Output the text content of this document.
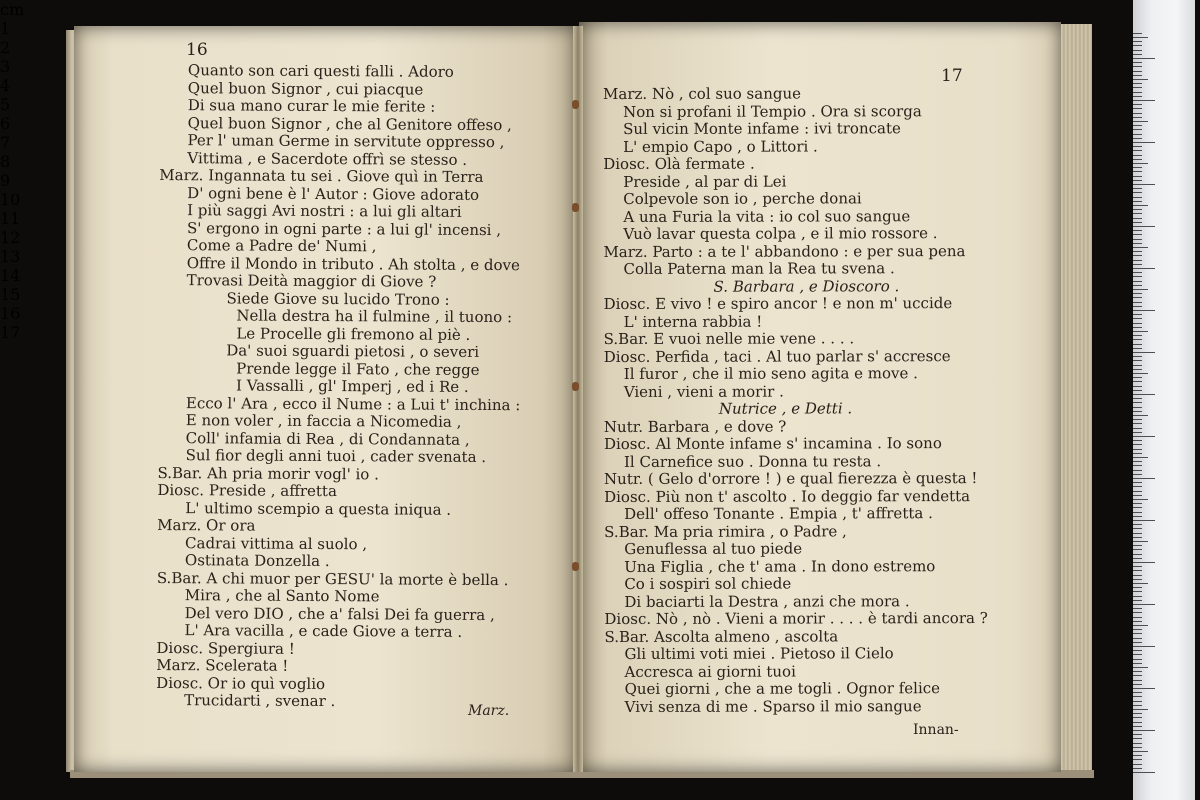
16
Quanto son cari questi falli . Adoro
Quel buon Signor , cui piacque
Di sua mano curar le mie ferite :
Quel buon Signor , che al Genitore offeso ,
Per l' uman Germe in servitute oppresso ,
Vittima , e Sacerdote offrì se stesso .
Marz. Ingannata tu sei . Giove quì in Terra
D' ogni bene è l' Autor : Giove adorato
I più saggi Avi nostri : a lui gli altari
S' ergono in ogni parte : a lui gl' incensi ,
Come a Padre de' Numi ,
Offre il Mondo in tributo . Ah stolta , e dove
Trovasi Deità maggior di Giove ?
Siede Giove su lucido Trono :
Nella destra ha il fulmine , il tuono :
Le Procelle gli fremono al piè .
Da' suoi sguardi pietosi , o severi
Prende legge il Fato , che regge
I Vassalli , gl' Imperj , ed i Re .
Ecco l' Ara , ecco il Nume : a Lui t' inchina :
E non voler , in faccia a Nicomedia ,
Coll' infamia di Rea , di Condannata ,
Sul fior degli anni tuoi , cader svenata .
S.Bar. Ah pria morir vogl' io .
Diosc. Preside , affretta
L' ultimo scempio a questa iniqua .
Marz. Or ora
Cadrai vittima al suolo ,
Ostinata Donzella .
S.Bar. A chi muor per GESU' la morte è bella .
Mira , che al Santo Nome
Del vero DIO , che a' falsi Dei fa guerra ,
L' Ara vacilla , e cade Giove a terra .
Diosc. Spergiura !
Marz. Scelerata !
Diosc. Or io quì voglio
Trucidarti , svenar .
Marz.
17
Marz. Nò , col suo sangue
Non si profani il Tempio . Ora si scorga
Sul vicin Monte infame : ivi troncate
L' empio Capo , o Littori .
Diosc. Olà fermate .
Preside , al par di Lei
Colpevole son io , perche donai
A una Furia la vita : io col suo sangue
Vuò lavar questa colpa , e il mio rossore .
Marz. Parto : a te l' abbandono : e per sua pena
Colla Paterna man la Rea tu svena .
S. Barbara , e Dioscoro .
Diosc. E vivo ! e spiro ancor ! e non m' uccide
L' interna rabbia !
S.Bar. E vuoi nelle mie vene . . . .
Diosc. Perfida , taci . Al tuo parlar s' accresce
Il furor , che il mio seno agita e move .
Vieni , vieni a morir .
Nutrice , e Detti .
Nutr. Barbara , e dove ?
Diosc. Al Monte infame s' incamina . Io sono
Il Carnefice suo . Donna tu resta .
Nutr. ( Gelo d'orrore ! ) e qual fierezza è questa !
Diosc. Più non t' ascolto . Io deggio far vendetta
Dell' offeso Tonante . Empia , t' affretta .
S.Bar. Ma pria rimira , o Padre ,
Genuflessa al tuo piede
Una Figlia , che t' ama . In dono estremo
Co i sospiri sol chiede
Di baciarti la Destra , anzi che mora .
Diosc. Nò , nò . Vieni a morir . . . . è tardi ancora ?
S.Bar. Ascolta almeno , ascolta
Gli ultimi voti miei . Pietoso il Cielo
Accresca ai giorni tuoi
Quei giorni , che a me togli . Ognor felice
Vivi senza di me . Sparso il mio sangue
Innan-
cm
1
2
3
4
5
6
7
8
9
10
11
12
13
14
15
16
17
